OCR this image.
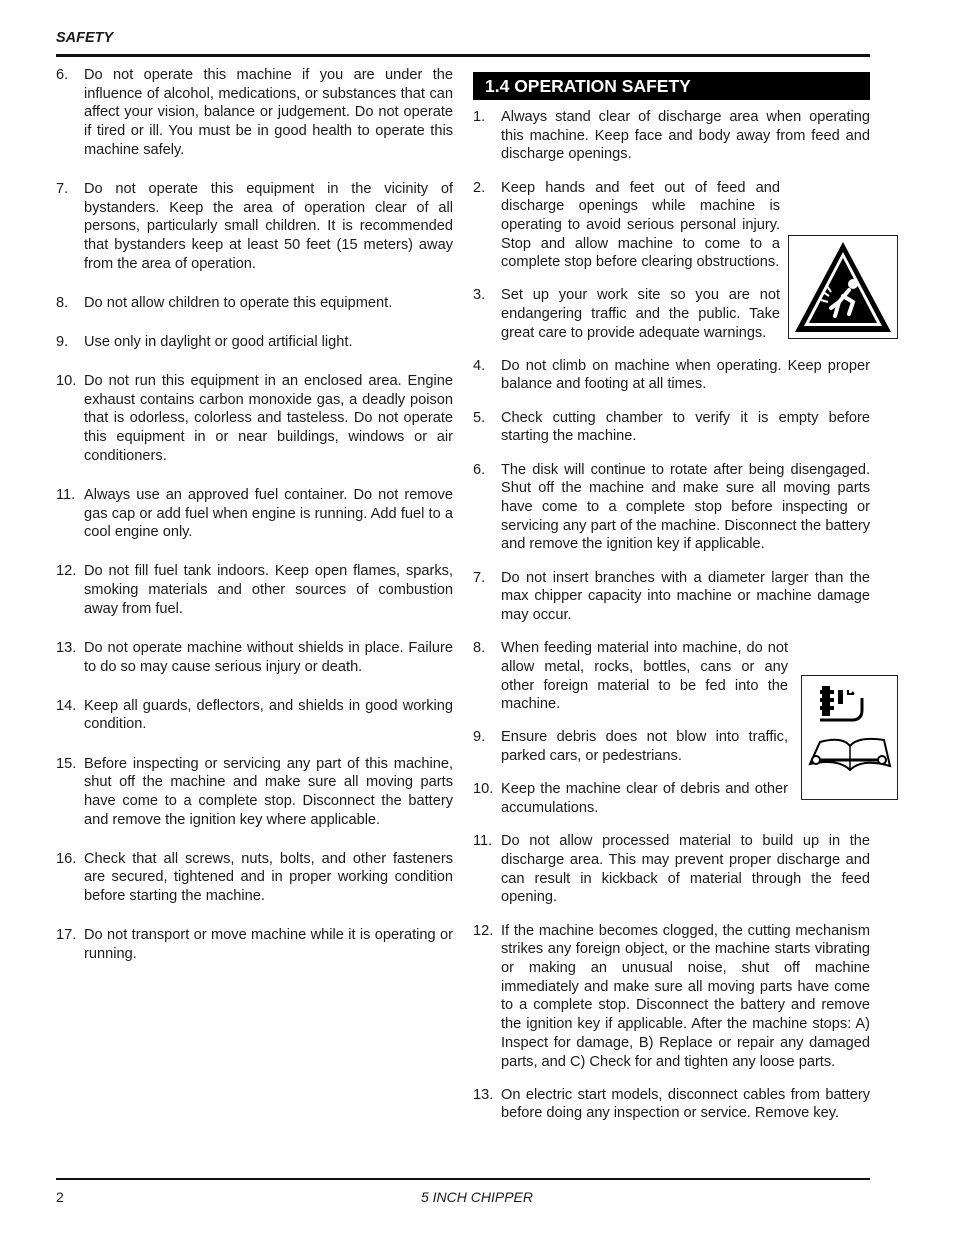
SAFETY
6. Do not operate this machine if you are under the influence of alcohol, medications, or substances that can affect your vision, balance or judgement. Do not operate if tired or ill. You must be in good health to operate this machine safely.
7. Do not operate this equipment in the vicinity of bystanders. Keep the area of operation clear of all persons, particularly small children. It is recommended that bystanders keep at least 50 feet (15 meters) away from the area of operation.
8. Do not allow children to operate this equipment.
9. Use only in daylight or good artificial light.
10. Do not run this equipment in an enclosed area. Engine exhaust contains carbon monoxide gas, a deadly poison that is odorless, colorless and tasteless. Do not operate this equipment in or near buildings, windows or air conditioners.
11. Always use an approved fuel container. Do not remove gas cap or add fuel when engine is running. Add fuel to a cool engine only.
12. Do not fill fuel tank indoors. Keep open flames, sparks, smoking materials and other sources of combustion away from fuel.
13. Do not operate machine without shields in place. Failure to do so may cause serious injury or death.
14. Keep all guards, deflectors, and shields in good working condition.
15. Before inspecting or servicing any part of this machine, shut off the machine and make sure all moving parts have come to a complete stop. Disconnect the battery and remove the ignition key where applicable.
16. Check that all screws, nuts, bolts, and other fasteners are secured, tightened and in proper working condition before starting the machine.
17. Do not transport or move machine while it is operating or running.
1.4 OPERATION SAFETY
1. Always stand clear of discharge area when operating this machine. Keep face and body away from feed and discharge openings.
2. Keep hands and feet out of feed and discharge openings while machine is operating to avoid serious personal injury. Stop and allow machine to come to a complete stop before clearing obstructions.
3. Set up your work site so you are not endangering traffic and the public. Take great care to provide adequate warnings.
4. Do not climb on machine when operating. Keep proper balance and footing at all times.
5. Check cutting chamber to verify it is empty before starting the machine.
6. The disk will continue to rotate after being disengaged. Shut off the machine and make sure all moving parts have come to a complete stop before inspecting or servicing any part of the machine. Disconnect the battery and remove the ignition key if applicable.
7. Do not insert branches with a diameter larger than the max chipper capacity into machine or machine damage may occur.
8. When feeding material into machine, do not allow metal, rocks, bottles, cans or any other foreign material to be fed into the machine.
9. Ensure debris does not blow into traffic, parked cars, or pedestrians.
10. Keep the machine clear of debris and other accumulations.
11. Do not allow processed material to build up in the discharge area. This may prevent proper discharge and can result in kickback of material through the feed opening.
12. If the machine becomes clogged, the cutting mechanism strikes any foreign object, or the machine starts vibrating or making an unusual noise, shut off machine immediately and make sure all moving parts have come to a complete stop. Disconnect the battery and remove the ignition key if applicable. After the machine stops: A) Inspect for damage, B) Replace or repair any damaged parts, and C) Check for and tighten any loose parts.
13. On electric start models, disconnect cables from battery before doing any inspection or service. Remove key.
2	5 INCH CHIPPER
